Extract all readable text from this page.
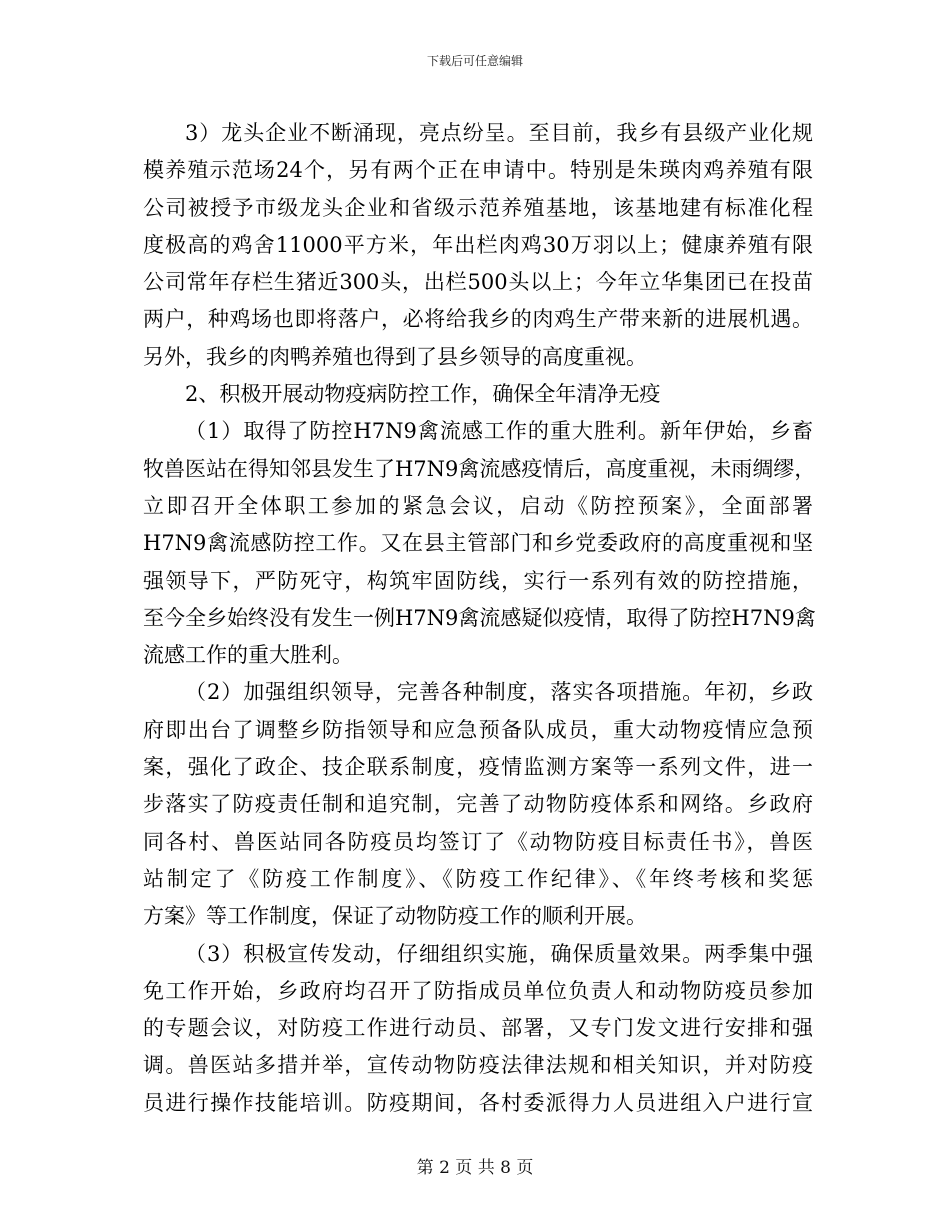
下载后可任意编辑
3）龙头企业不断涌现，亮点纷呈。至目前，我乡有县级产业化规
模养殖示范场24个，另有两个正在申请中。特别是朱瑛肉鸡养殖有限
公司被授予市级龙头企业和省级示范养殖基地，该基地建有标准化程
度极高的鸡舍11000平方米，年出栏肉鸡30万羽以上；健康养殖有限
公司常年存栏生猪近300头，出栏500头以上；今年立华集团已在投苗
两户，种鸡场也即将落户，必将给我乡的肉鸡生产带来新的进展机遇。
另外，我乡的肉鸭养殖也得到了县乡领导的高度重视。
2、积极开展动物疫病防控工作，确保全年清净无疫
（1）取得了防控H7N9禽流感工作的重大胜利。新年伊始，乡畜
牧兽医站在得知邻县发生了H7N9禽流感疫情后，高度重视，未雨绸缪，
立即召开全体职工参加的紧急会议，启动《防控预案》，全面部署
H7N9禽流感防控工作。又在县主管部门和乡党委政府的高度重视和坚
强领导下，严防死守，构筑牢固防线，实行一系列有效的防控措施，
至今全乡始终没有发生一例H7N9禽流感疑似疫情，取得了防控H7N9禽
流感工作的重大胜利。
（2）加强组织领导，完善各种制度，落实各项措施。年初，乡政
府即出台了调整乡防指领导和应急预备队成员，重大动物疫情应急预
案，强化了政企、技企联系制度，疫情监测方案等一系列文件，进一
步落实了防疫责任制和追究制，完善了动物防疫体系和网络。乡政府
同各村、兽医站同各防疫员均签订了《动物防疫目标责任书》，兽医
站制定了《防疫工作制度》、《防疫工作纪律》、《年终考核和奖惩
方案》等工作制度，保证了动物防疫工作的顺利开展。
（3）积极宣传发动，仔细组织实施，确保质量效果。两季集中强
免工作开始，乡政府均召开了防指成员单位负责人和动物防疫员参加
的专题会议，对防疫工作进行动员、部署，又专门发文进行安排和强
调。兽医站多措并举，宣传动物防疫法律法规和相关知识，并对防疫
员进行操作技能培训。防疫期间，各村委派得力人员进组入户进行宣
第 2 页 共 8 页
